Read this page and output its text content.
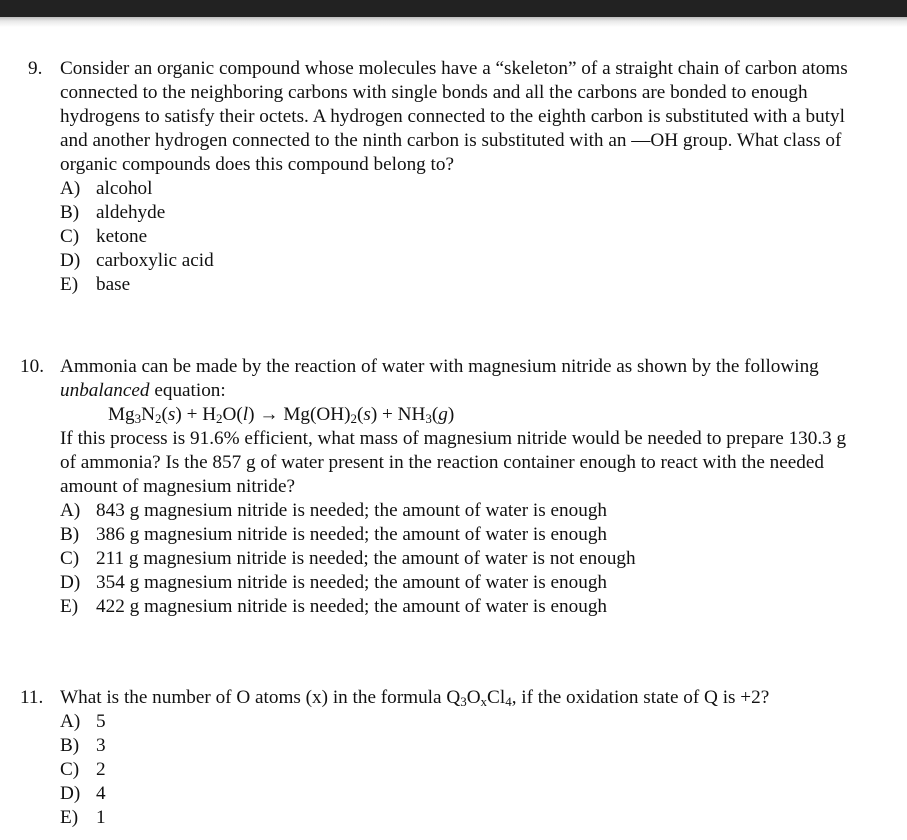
9. Consider an organic compound whose molecules have a “skeleton” of a straight chain of carbon atoms
connected to the neighboring carbons with single bonds and all the carbons are bonded to enough
hydrogens to satisfy their octets. A hydrogen connected to the eighth carbon is substituted with a butyl
and another hydrogen connected to the ninth carbon is substituted with an —OH group. What class of
organic compounds does this compound belong to?
A) alcohol
B) aldehyde
C) ketone
D) carboxylic acid
E) base
10. Ammonia can be made by the reaction of water with magnesium nitride as shown by the following
unbalanced equation:
$Mg_3N_2(s) + H_2O(l) \to Mg(OH)_2(s) + NH_3(g)$
If this process is 91.6% efficient, what mass of magnesium nitride would be needed to prepare 130.3 g
of ammonia? Is the 857 g of water present in the reaction container enough to react with the needed
amount of magnesium nitride?
A) 843 g magnesium nitride is needed; the amount of water is enough
B) 386 g magnesium nitride is needed; the amount of water is enough
C) 211 g magnesium nitride is needed; the amount of water is not enough
D) 354 g magnesium nitride is needed; the amount of water is enough
E) 422 g magnesium nitride is needed; the amount of water is enough
11. What is the number of O atoms (x) in the formula $Q_3O_xCl_4$, if the oxidation state of Q is +2?
A) 5
B) 3
C) 2
D) 4
E) 1
